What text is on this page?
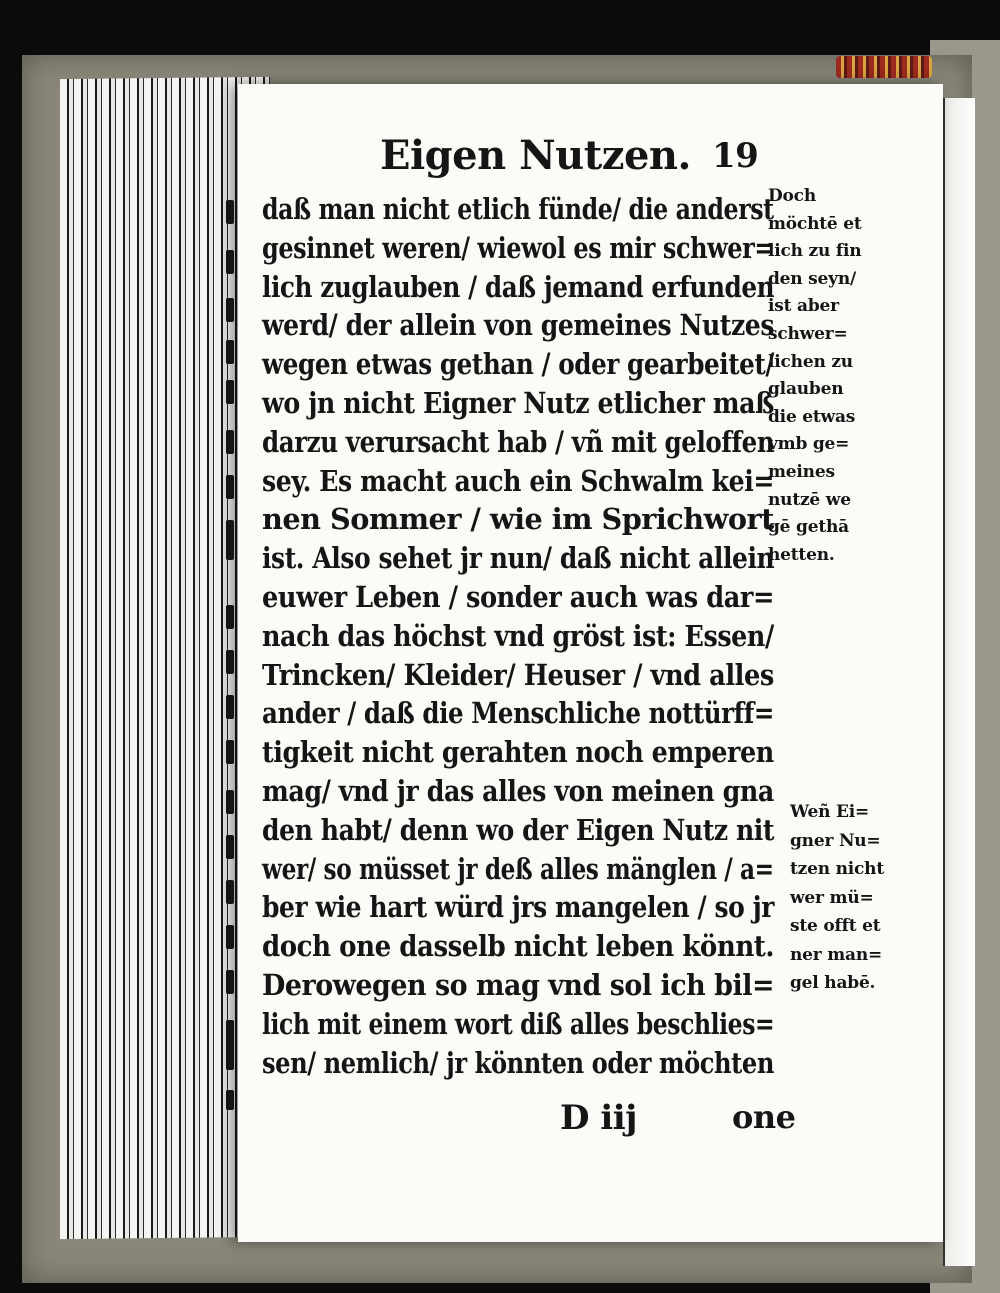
Eigen Nutzen. 19
daß man nicht etlich fünde/ die anderst
gesinnet weren/ wiewol es mir schwer=
lich zuglauben / daß jemand erfunden
werd/ der allein von gemeines Nutzes
wegen etwas gethan / oder gearbeitet/
wo jn nicht Eigner Nutz etlicher maß
darzu verursacht hab / vñ mit geloffen
sey. Es macht auch ein Schwalm kei=
nen Sommer / wie im Sprichwort
ist. Also sehet jr nun/ daß nicht allein
euwer Leben / sonder auch was dar=
nach das höchst vnd gröst ist: Essen/
Trincken/ Kleider/ Heuser / vnd alles
ander / daß die Menschliche nottürff=
tigkeit nicht gerahten noch emperen
mag/ vnd jr das alles von meinen gna
den habt/ denn wo der Eigen Nutz nit
wer/ so müsset jr deß alles mänglen / a=
ber wie hart würd jrs mangelen / so jr
doch one dasselb nicht leben könnt.
Derowegen so mag vnd sol ich bil=
lich mit einem wort diß alles beschlies=
sen/ nemlich/ jr könnten oder möchten
Doch
möchtē et
lich zu fin
den seyn/
ist aber
schwer=
lichen zu
glauben
die etwas
vmb ge=
meines
nutzē we
gē gethā
hetten.
Weñ Ei=
gner Nu=
tzen nicht
wer mü=
ste offt et
ner man=
gel habē.
D iij	one
